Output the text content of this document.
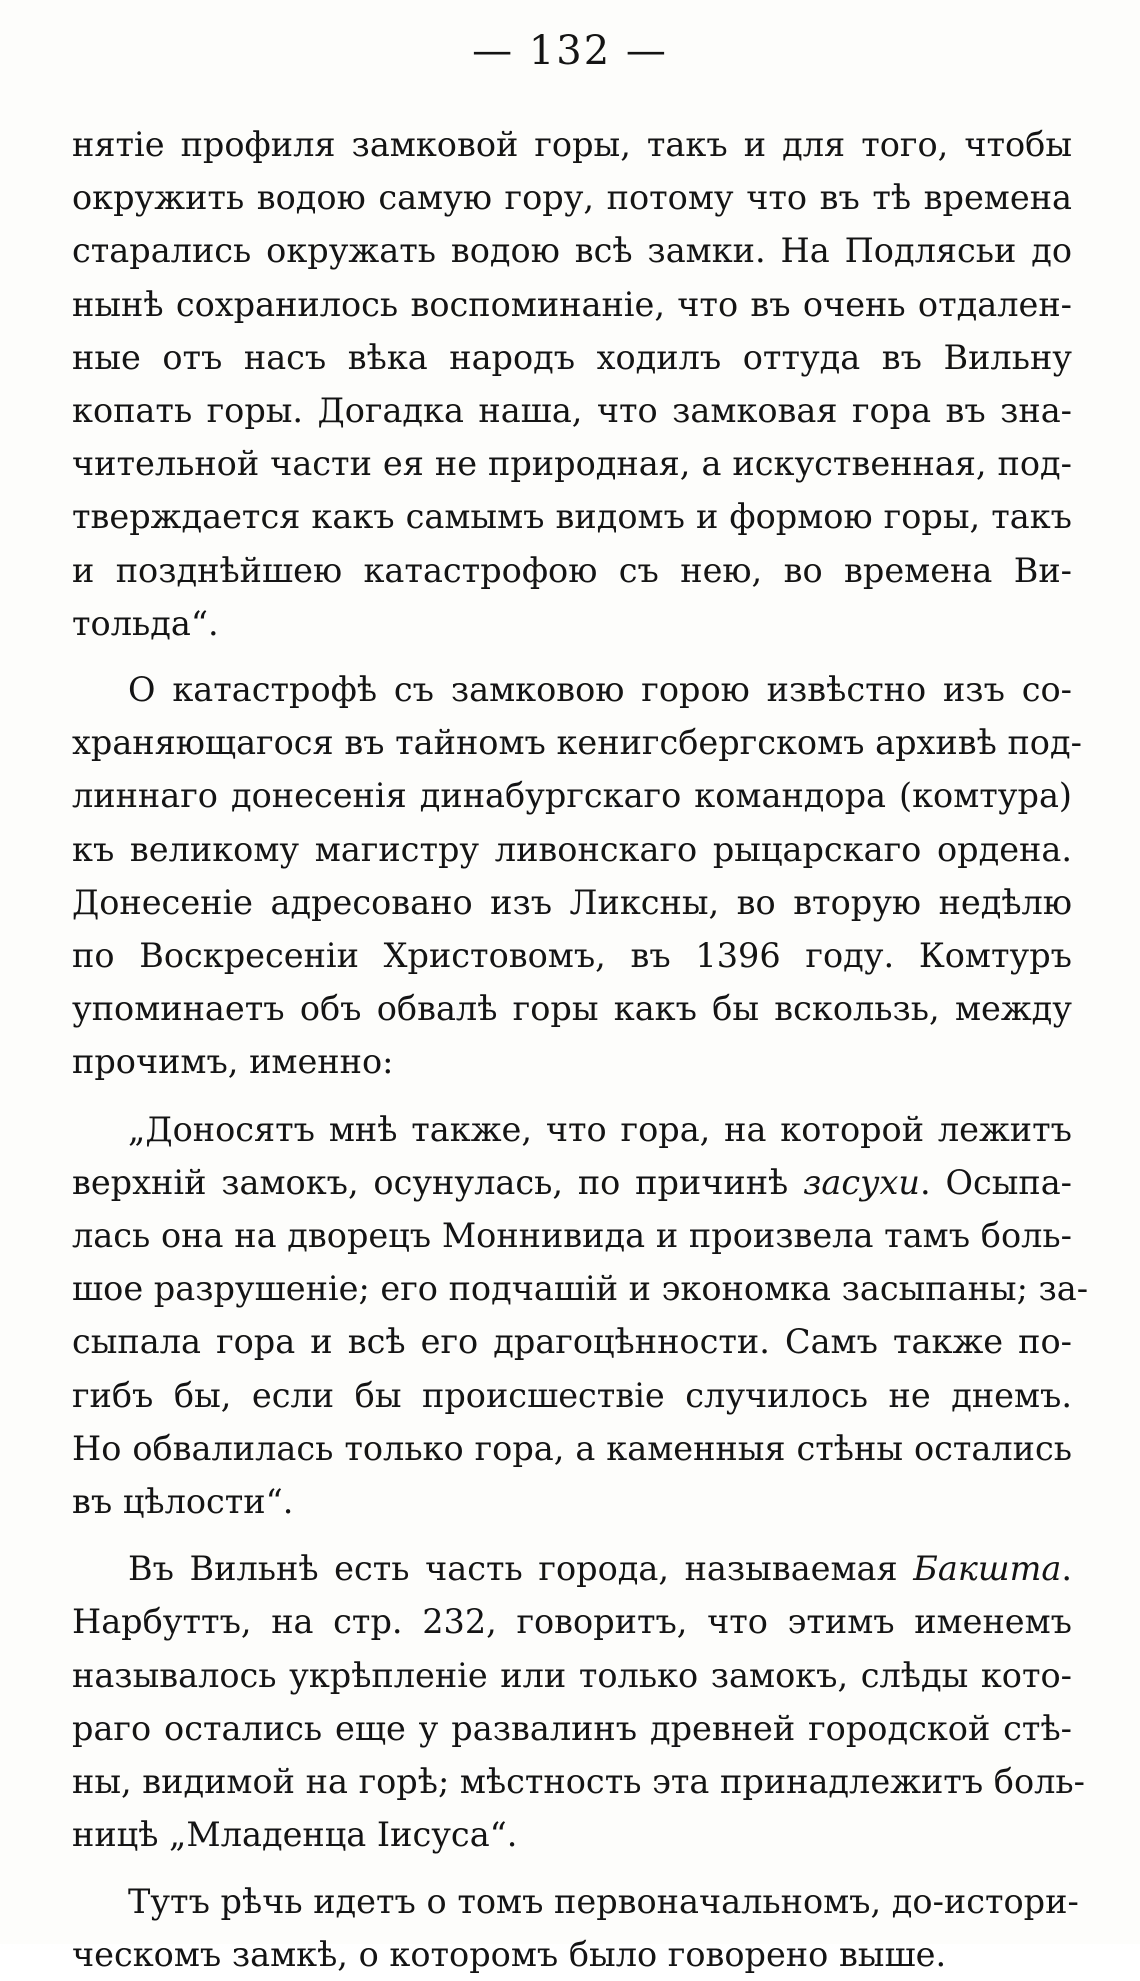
— 132 —

нятіе профиля замковой горы, такъ и для того, чтобы
окружить водою самую гору, потому что въ тѣ времена
старались окружать водою всѣ замки. На Подлясьи до
нынѣ сохранилось воспоминаніе, что въ очень отдален-
ные отъ насъ вѣка народъ ходилъ оттуда въ Вильну
копать горы. Догадка наша, что замковая гора въ зна-
чительной части ея не природная, а искуственная, под-
тверждается какъ самымъ видомъ и формою горы, такъ
и позднѣйшею катастрофою съ нею, во времена Ви-
тольда“.

О катастрофѣ съ замковою горою извѣстно изъ со-
храняющагося въ тайномъ кенигсбергскомъ архивѣ под-
линнаго донесенія динабургскаго командора (комтура)
къ великому магистру ливонскаго рыцарскаго ордена.
Донесеніе адресовано изъ Ликсны, во вторую недѣлю
по Воскресеніи Христовомъ, въ 1396 году. Комтуръ
упоминаетъ объ обвалѣ горы какъ бы вскользь, между
прочимъ, именно:

„Доносятъ мнѣ также, что гора, на которой лежитъ
верхній замокъ, осунулась, по причинѣ засухи. Осыпа-
лась она на дворецъ Моннивида и произвела тамъ боль-
шое разрушеніе; его подчашій и экономка засыпаны; за-
сыпала гора и всѣ его драгоцѣнности. Самъ также по-
гибъ бы, если бы происшествіе случилось не днемъ.
Но обвалилась только гора, а каменныя стѣны остались
въ цѣлости“.

Въ Вильнѣ есть часть города, называемая Бакшта.
Нарбуттъ, на стр. 232, говоритъ, что этимъ именемъ
называлось укрѣпленіе или только замокъ, слѣды кото-
раго остались еще у развалинъ древней городской стѣ-
ны, видимой на горѣ; мѣстность эта принадлежитъ боль-
ницѣ „Младенца Іисуса“.

Тутъ рѣчь идетъ о томъ первоначальномъ, до-истори-
ческомъ замкѣ, о которомъ было говорено выше.
